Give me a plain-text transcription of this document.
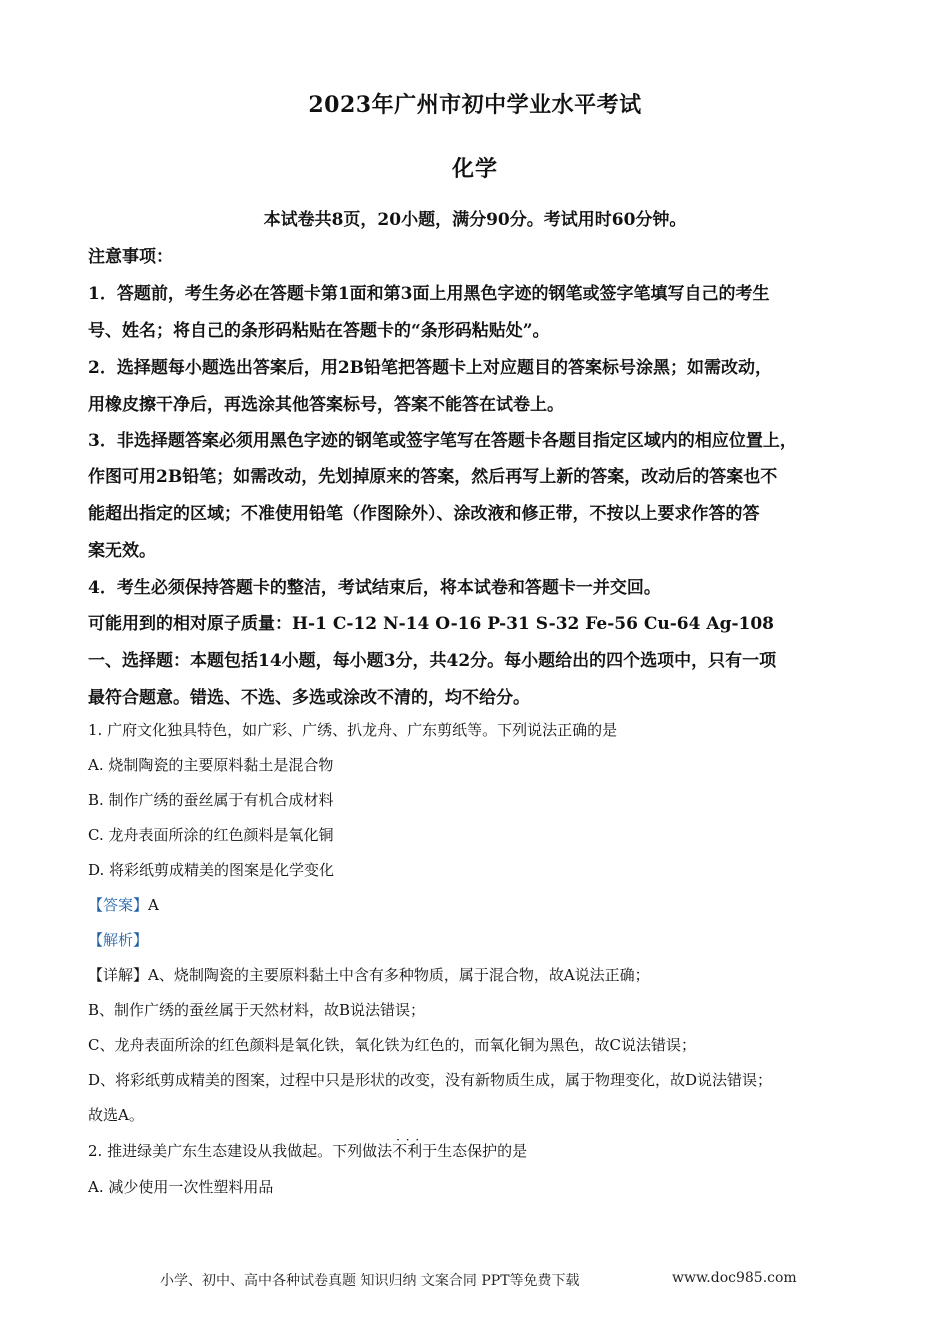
2023年广州市初中学业水平考试
化学
本试卷共8页，20小题，满分90分。考试用时60分钟。
注意事项：
1．答题前，考生务必在答题卡第1面和第3面上用黑色字迹的钢笔或签字笔填写自己的考生
号、姓名；将自己的条形码粘贴在答题卡的“条形码粘贴处”。
2．选择题每小题选出答案后，用2B铅笔把答题卡上对应题目的答案标号涂黑；如需改动，
用橡皮擦干净后，再选涂其他答案标号，答案不能答在试卷上。
3．非选择题答案必须用黑色字迹的钢笔或签字笔写在答题卡各题目指定区域内的相应位置上，
作图可用2B铅笔；如需改动，先划掉原来的答案，然后再写上新的答案，改动后的答案也不
能超出指定的区域；不准使用铅笔（作图除外）、涂改液和修正带，不按以上要求作答的答
案无效。
4．考生必须保持答题卡的整洁，考试结束后，将本试卷和答题卡一并交回。
可能用到的相对原子质量：H-1 C-12 N-14 O-16 P-31 S-32 Fe-56 Cu-64 Ag-108
一、选择题：本题包括14小题，每小题3分，共42分。每小题给出的四个选项中，只有一项
最符合题意。错选、不选、多选或涂改不清的，均不给分。
1. 广府文化独具特色，如广彩、广绣、扒龙舟、广东剪纸等。下列说法正确的是
A. 烧制陶瓷的主要原料黏土是混合物
B. 制作广绣的蚕丝属于有机合成材料
C. 龙舟表面所涂的红色颜料是氧化铜
D. 将彩纸剪成精美的图案是化学变化
【答案】A
【解析】
【详解】A、烧制陶瓷的主要原料黏土中含有多种物质，属于混合物，故A说法正确；
B、制作广绣的蚕丝属于天然材料，故B说法错误；
C、龙舟表面所涂的红色颜料是氧化铁，氧化铁为红色的，而氧化铜为黑色，故C说法错误；
D、将彩纸剪成精美的图案，过程中只是形状的改变，没有新物质生成，属于物理变化，故D说法错误；
故选A。
2. 推进绿美广东生态建设从我做起。下列做法· · · 不利于生态保护的是
A. 减少使用一次性塑料用品
小学、初中、高中各种试卷真题 知识归纳 文案合同 PPT等免费下载	www.doc985.com
